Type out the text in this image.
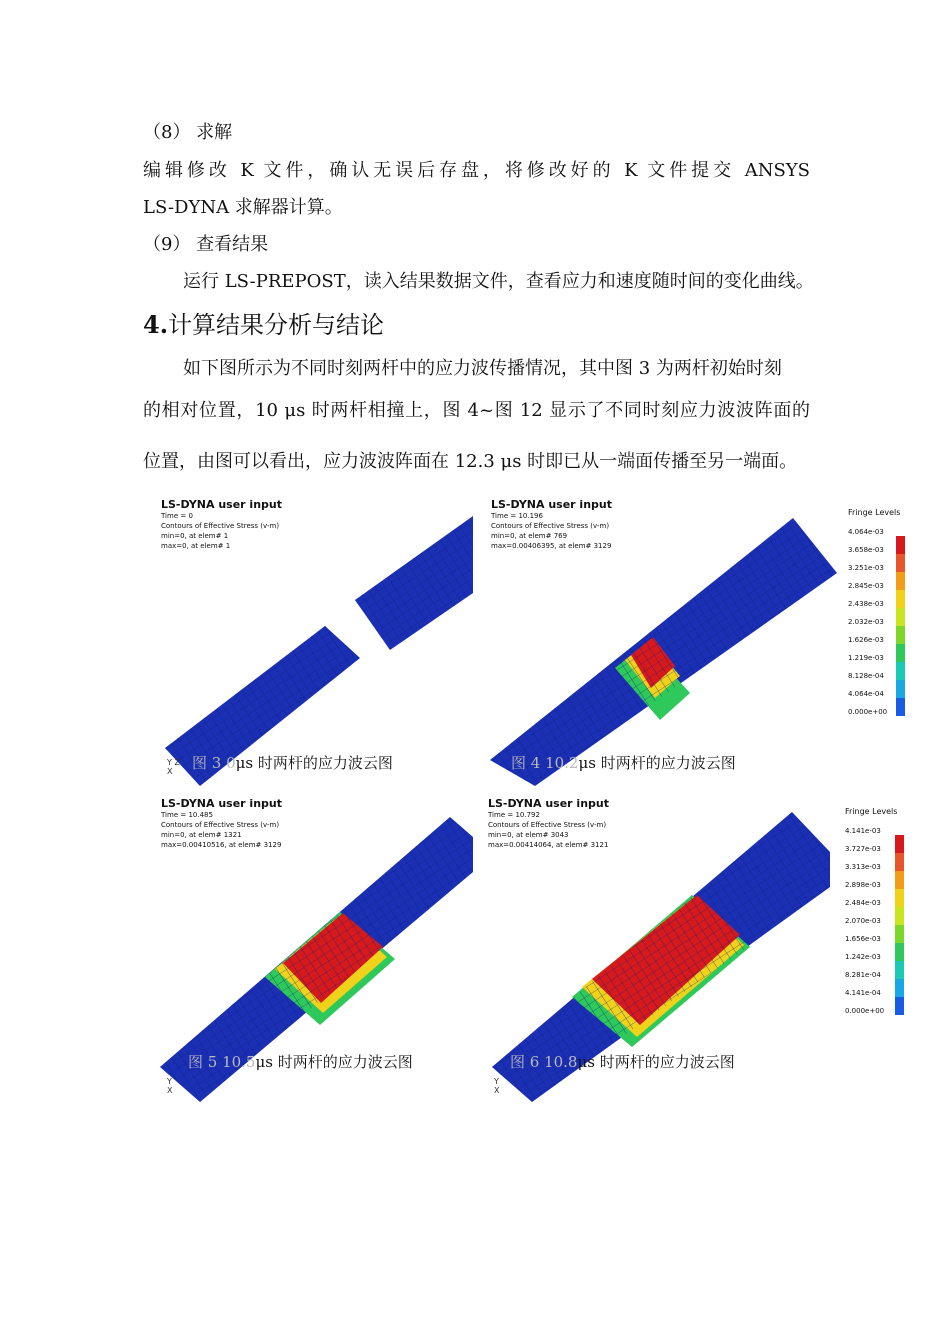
（8） 求解
编辑修改 K 文件，确认无误后存盘，将修改好的 K 文件提交 ANSYS
LS-DYNA 求解器计算。
（9） 查看结果
运行 LS-PREPOST，读入结果数据文件，查看应力和速度随时间的变化曲线。
4.计算结果分析与结论
如下图所示为不同时刻两杆中的应力波传播情况，其中图 3 为两杆初始时刻
的相对位置，10 μs 时两杆相撞上，图 4~图 12 显示了不同时刻应力波波阵面的
位置，由图可以看出，应力波波阵面在 12.3 μs 时即已从一端面传播至另一端面。
LS-DYNA user input
Time = 0
Contours of Effective Stress (v-m)
min=0, at elem# 1
max=0, at elem# 1
Y Z
X	图 3 0μs 时两杆的应力波云图
LS-DYNA user input
Time = 10.196
Contours of Effective Stress (v-m)
min=0, at elem# 769
max=0.00406395, at elem# 3129
图 4 10.2μs 时两杆的应力波云图
Fringe Levels
4.064e-03
3.658e-03
3.251e-03
2.845e-03
2.438e-03
2.032e-03
1.626e-03
1.219e-03
8.128e-04
4.064e-04
0.000e+00
LS-DYNA user input
Time = 10.485
Contours of Effective Stress (v-m)
min=0, at elem# 1321
max=0.00410516, at elem# 3129
Y
X
图 5 10.5μs 时两杆的应力波云图
LS-DYNA user input
Time = 10.792
Contours of Effective Stress (v-m)
min=0, at elem# 3043
max=0.00414064, at elem# 3121
Y
X
图 6 10.8μs 时两杆的应力波云图
Fringe Levels
4.141e-03
3.727e-03
3.313e-03
2.898e-03
2.484e-03
2.070e-03
1.656e-03
1.242e-03
8.281e-04
4.141e-04
0.000e+00
